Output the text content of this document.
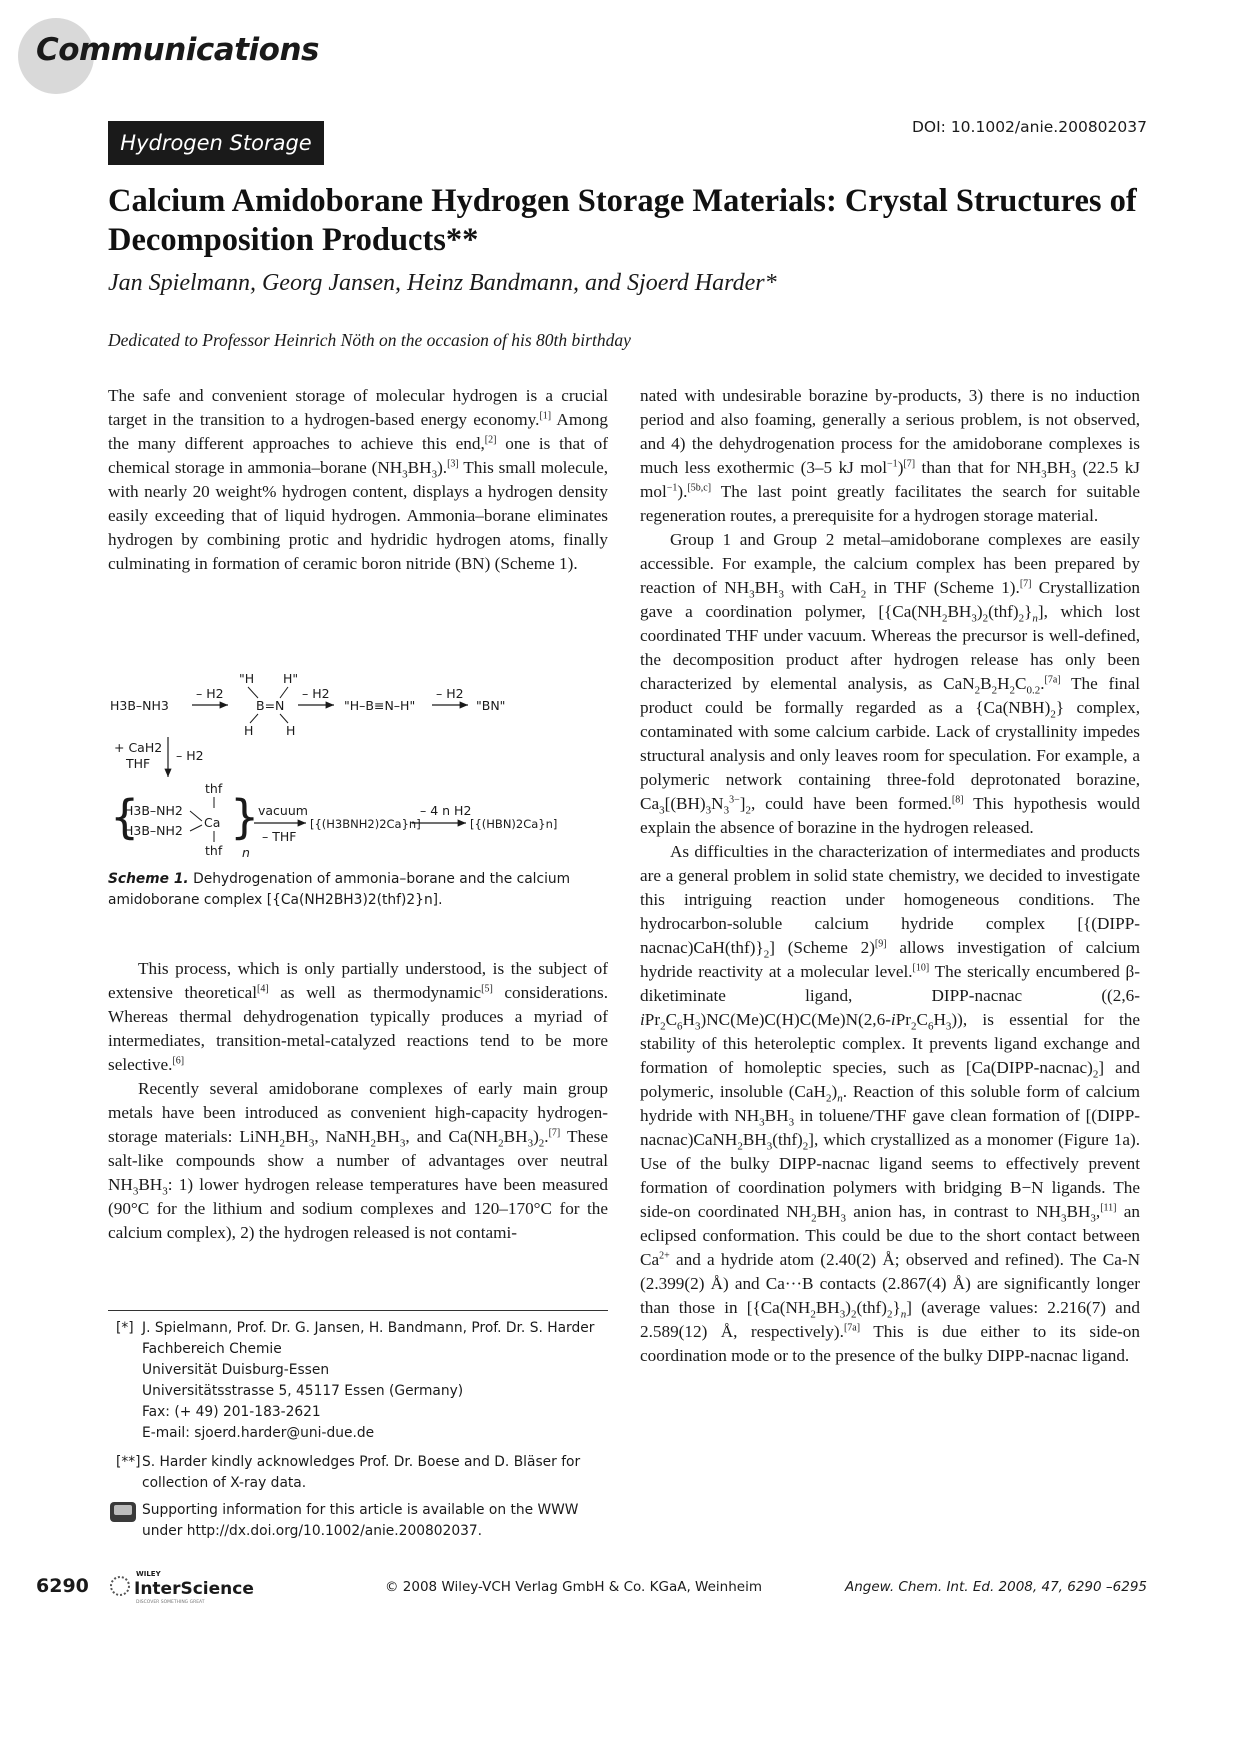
Communications
Hydrogen Storage
DOI: 10.1002/anie.200802037
Calcium Amidoborane Hydrogen Storage Materials: Crystal Structures of Decomposition Products**
Jan Spielmann, Georg Jansen, Heinz Bandmann, and Sjoerd Harder*
Dedicated to Professor Heinrich Nöth on the occasion of his 80th birthday

The safe and convenient storage of molecular hydrogen is a crucial target in the transition to a hydrogen-based energy economy.[1] Among the many different approaches to achieve this end,[2] one is that of chemical storage in ammonia–borane $(NH_3BH_3).[3]$ This small molecule, with nearly 20 weight% hydrogen content, displays a hydrogen density easily exceeding that of liquid hydrogen. Ammonia–borane eliminates hydrogen by combining protic and hydridic hydrogen atoms, finally culminating in formation of ceramic boron nitride (BN) (Scheme 1).

H3B–NH3
– H2
"H H"
B=N
H	H
– H2
"H–B≡N–H"
– H2
"BN"
+ CaH2
THF
– H2
{
H3B–NH2
H3B–NH2
thf
Ca
thf
}
n
vacuum
– THF
[{(H3BNH2)2Ca}n]
– 4 n H2
[{(HBN)2Ca}n]
Scheme 1. Dehydrogenation of ammonia–borane and the calcium amidoborane complex [{Ca(NH2BH3)2(thf)2}n].

This process, which is only partially understood, is the subject of extensive theoretical[4] as well as thermodynamic[5] considerations. Whereas thermal dehydrogenation typically produces a myriad of intermediates, transition-metal-catalyzed reactions tend to be more selective.[6]

Recently several amidoborane complexes of early main group metals have been introduced as convenient high-capacity hydrogen-storage materials: $LiNH_2BH_3$, $NaNH_2BH_3$, and $Ca(NH_2BH_3)_2.[7]$ These salt-like compounds show a number of advantages over neutral $NH_3BH_3$: 1) lower hydrogen release temperatures have been measured (90°C for the lithium and sodium complexes and 120–170°C for the calcium complex), 2) the hydrogen released is not contami-

[*] J. Spielmann, Prof. Dr. G. Jansen, H. Bandmann, Prof. Dr. S. Harder
Fachbereich Chemie
Universität Duisburg-Essen
Universitätsstrasse 5, 45117 Essen (Germany)
Fax: (+ 49) 201-183-2621
E-mail: sjoerd.harder@uni-due.de
[**] S. Harder kindly acknowledges Prof. Dr. Boese and D. Bläser for collection of X-ray data.
Supporting information for this article is available on the WWW under http://dx.doi.org/10.1002/anie.200802037.

nated with undesirable borazine by-products, 3) there is no induction period and also foaming, generally a serious problem, is not observed, and 4) the dehydrogenation process for the amidoborane complexes is much less exothermic (3–5 kJ mol$^{-1}$)[7] than that for $NH_3BH_3$ (22.5 kJ mol$^{-1}$).[5b,c] The last point greatly facilitates the search for suitable regeneration routes, a prerequisite for a hydrogen storage material.

Group 1 and Group 2 metal–amidoborane complexes are easily accessible. For example, the calcium complex has been prepared by reaction of $NH_3BH_3$ with CaH$_2$ in THF (Scheme 1).[7] Crystallization gave a coordination polymer, $[\{Ca(NH_2BH_3)_2(thf)_2\}_n]$, which lost coordinated THF under vacuum. Whereas the precursor is well-defined, the decomposition product after hydrogen release has only been characterized by elemental analysis, as $CaN_2B_2H_2C_{0.2}.[7a]$ The final product could be formally regarded as a $\{Ca(NBH)_2\}$ complex, contaminated with some calcium carbide. Lack of crystallinity impedes structural analysis and only leaves room for speculation. For example, a polymeric network containing three-fold deprotonated borazine, $Ca_3[(BH)_3N_3^{3-}]_2$, could have been formed.[8] This hypothesis would explain the absence of borazine in the hydrogen released.

As difficulties in the characterization of intermediates and products are a general problem in solid state chemistry, we decided to investigate this intriguing reaction under homogeneous conditions. The hydrocarbon-soluble calcium hydride complex $[\{(DIPP-nacnac)CaH(thf)\}_2]$ (Scheme 2)[9] allows investigation of calcium hydride reactivity at a molecular level.[10] The sterically encumbered β-diketiminate ligand, DIPP-nacnac $((2,6-iPr_2C_6H_3)NC(Me)C(H)C(Me)N(2,6-iPr_2C_6H_3))$, is essential for the stability of this heteroleptic complex. It prevents ligand exchange and formation of homoleptic species, such as $[Ca(DIPP-nacnac)_2]$ and polymeric, insoluble $(CaH_2)_n$. Reaction of this soluble form of calcium hydride with $NH_3BH_3$ in toluene/THF gave clean formation of $[(DIPP-nacnac)CaNH_2BH_3(thf)_2]$, which crystallized as a monomer (Figure 1a). Use of the bulky DIPP-nacnac ligand seems to effectively prevent formation of coordination polymers with bridging B−N ligands. The side-on coordinated $NH_2BH_3$ anion has, in contrast to $NH_3BH_3,[11]$ an eclipsed conformation. This could be due to the short contact between $Ca^{2+}$ and a hydride atom (2.40(2) Å; observed and refined). The Ca-N (2.399(2) Å) and Ca···B contacts (2.867(4) Å) are significantly longer than those in $[\{Ca(NH_2BH_3)_2(thf)_2\}_n]$ (average values: 2.216(7) and 2.589(12) Å, respectively).[7a] This is due either to its side-on coordination mode or to the presence of the bulky DIPP-nacnac ligand.

6290
WILEY
InterScience
DISCOVER SOMETHING GREAT
© 2008 Wiley-VCH Verlag GmbH & Co. KGaA, Weinheim	Angew. Chem. Int. Ed. 2008, 47, 6290 –6295
